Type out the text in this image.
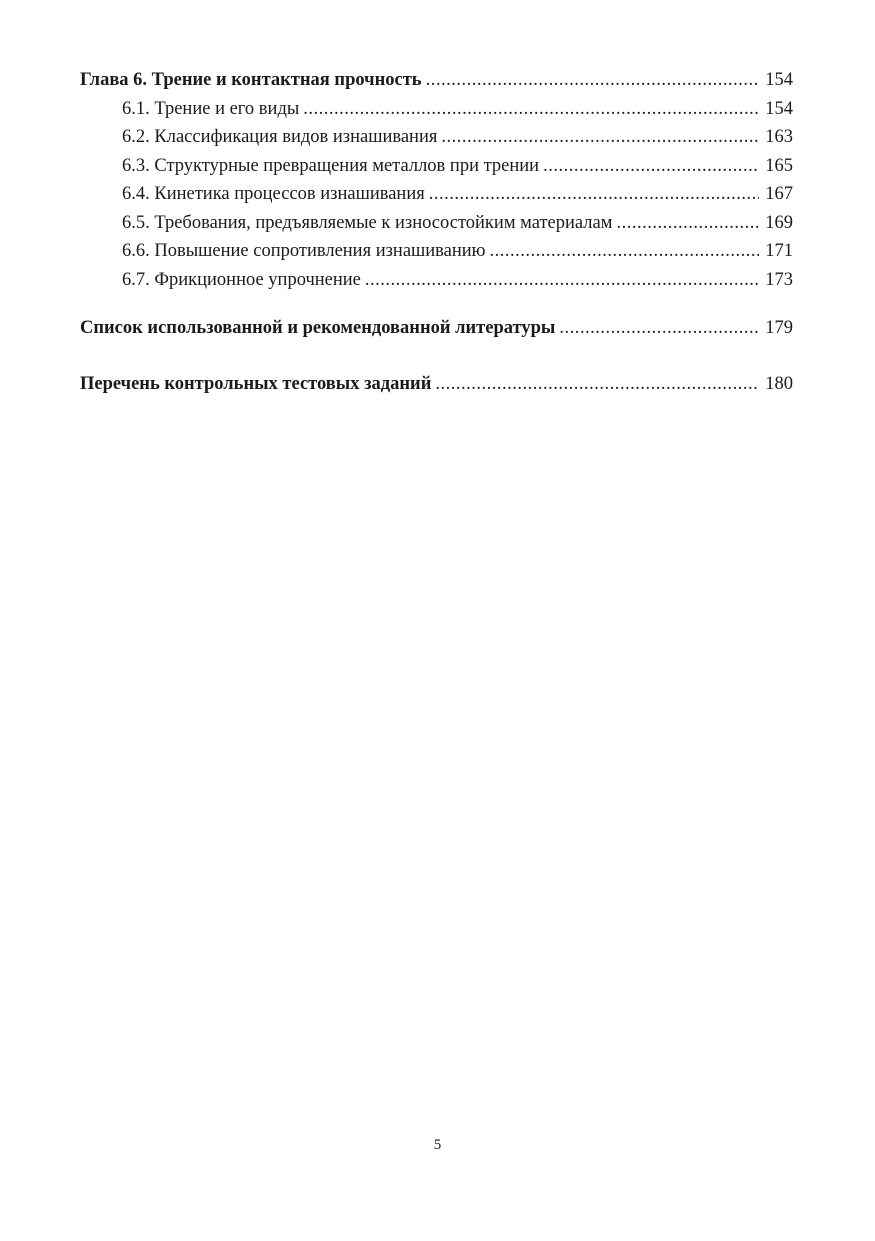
Глава 6. Трение и контактная прочность .....	154
6.1. Трение и его виды .....	154
6.2. Классификация видов изнашивания .....	163
6.3. Структурные превращения металлов при трении .....	165
6.4. Кинетика процессов изнашивания .....	167
6.5. Требования, предъявляемые к износостойким материалам .....	169
6.6. Повышение сопротивления изнашиванию .....	171
6.7. Фрикционное упрочнение .....	173
Список использованной и рекомендованной литературы .....	179
Перечень контрольных тестовых заданий .....	180
5
